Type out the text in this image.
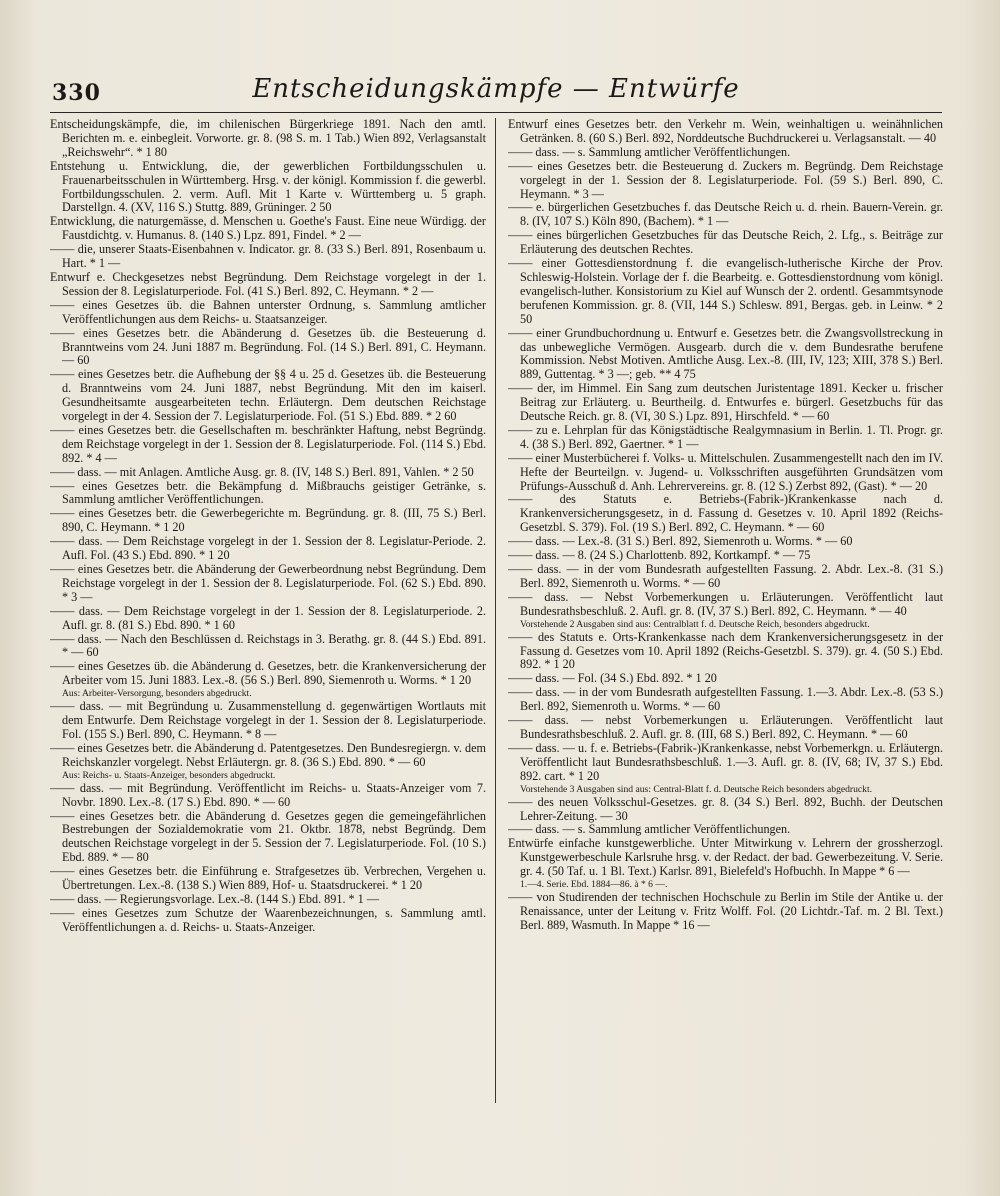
330	Entscheidungskämpfe — Entwürfe
Entscheidungskämpfe, die, im chilenischen Bürgerkriege 1891. Nach den amtl. Berichten m. e. einbegleit. Vorworte. gr. 8. (98 S. m. 1 Tab.) Wien 892, Verlagsanstalt „Reichswehr“. * 1 80
Entstehung u. Entwicklung, die, der gewerblichen Fortbildungsschulen u. Frauenarbeitsschulen in Württemberg. Hrsg. v. der königl. Kommission f. die gewerbl. Fortbildungsschulen. 2. verm. Aufl. Mit 1 Karte v. Württemberg u. 5 graph. Darstellgn. 4. (XV, 116 S.) Stuttg. 889, Grüninger. 2 50
Entwicklung, die naturgemässe, d. Menschen u. Goethe's Faust. Eine neue Würdigg. der Faustdichtg. v. Humanus. 8. (140 S.) Lpz. 891, Findel. * 2 —
—— die, unserer Staats-Eisenbahnen v. Indicator. gr. 8. (33 S.) Berl. 891, Rosenbaum u. Hart. * 1 —
Entwurf e. Checkgesetzes nebst Begründung. Dem Reichstage vorgelegt in der 1. Session der 8. Legislaturperiode. Fol. (41 S.) Berl. 892, C. Heymann. * 2 —
—— eines Gesetzes üb. die Bahnen unterster Ordnung, s. Sammlung amtlicher Veröffentlichungen aus dem Reichs- u. Staatsanzeiger.
—— eines Gesetzes betr. die Abänderung d. Gesetzes üb. die Besteuerung d. Branntweins vom 24. Juni 1887 m. Begründung. Fol. (14 S.) Berl. 891, C. Heymann. — 60
—— eines Gesetzes betr. die Aufhebung der §§ 4 u. 25 d. Gesetzes üb. die Besteuerung d. Branntweins vom 24. Juni 1887, nebst Begründung. Mit den im kaiserl. Gesundheitsamte ausgearbeiteten techn. Erläutergn. Dem deutschen Reichstage vorgelegt in der 4. Session der 7. Legislaturperiode. Fol. (51 S.) Ebd. 889. * 2 60
—— eines Gesetzes betr. die Gesellschaften m. beschränkter Haftung, nebst Begründg. dem Reichstage vorgelegt in der 1. Session der 8. Legislaturperiode. Fol. (114 S.) Ebd. 892. * 4 —
—— dass. — mit Anlagen. Amtliche Ausg. gr. 8. (IV, 148 S.) Berl. 891, Vahlen. * 2 50
—— eines Gesetzes betr. die Bekämpfung d. Mißbrauchs geistiger Getränke, s. Sammlung amtlicher Veröffentlichungen.
—— eines Gesetzes betr. die Gewerbegerichte m. Begründung. gr. 8. (III, 75 S.) Berl. 890, C. Heymann. * 1 20
—— dass. — Dem Reichstage vorgelegt in der 1. Session der 8. Legislatur-Periode. 2. Aufl. Fol. (43 S.) Ebd. 890. * 1 20
—— eines Gesetzes betr. die Abänderung der Gewerbeordnung nebst Begründung. Dem Reichstage vorgelegt in der 1. Session der 8. Legislaturperiode. Fol. (62 S.) Ebd. 890. * 3 —
—— dass. — Dem Reichstage vorgelegt in der 1. Session der 8. Legislaturperiode. 2. Aufl. gr. 8. (81 S.) Ebd. 890. * 1 60
—— dass. — Nach den Beschlüssen d. Reichstags in 3. Berathg. gr. 8. (44 S.) Ebd. 891. * — 60
—— eines Gesetzes üb. die Abänderung d. Gesetzes, betr. die Krankenversicherung der Arbeiter vom 15. Juni 1883. Lex.-8. (56 S.) Berl. 890, Siemenroth u. Worms. * 1 20
Aus: Arbeiter-Versorgung, besonders abgedruckt.
—— dass. — mit Begründung u. Zusammenstellung d. gegenwärtigen Wortlauts mit dem Entwurfe. Dem Reichstage vorgelegt in der 1. Session der 8. Legislaturperiode. Fol. (155 S.) Berl. 890, C. Heymann. * 8 —
—— eines Gesetzes betr. die Abänderung d. Patentgesetzes. Den Bundesregiergn. v. dem Reichskanzler vorgelegt. Nebst Erläutergn. gr. 8. (36 S.) Ebd. 890. * — 60
Aus: Reichs- u. Staats-Anzeiger, besonders abgedruckt.
—— dass. — mit Begründung. Veröffentlicht im Reichs- u. Staats-Anzeiger vom 7. Novbr. 1890. Lex.-8. (17 S.) Ebd. 890. * — 60
—— eines Gesetzes betr. die Abänderung d. Gesetzes gegen die gemeingefährlichen Bestrebungen der Sozialdemokratie vom 21. Oktbr. 1878, nebst Begründg. Dem deutschen Reichstage vorgelegt in der 5. Session der 7. Legislaturperiode. Fol. (10 S.) Ebd. 889. * — 80
—— eines Gesetzes betr. die Einführung e. Strafgesetzes üb. Verbrechen, Vergehen u. Übertretungen. Lex.-8. (138 S.) Wien 889, Hof- u. Staatsdruckerei. * 1 20
—— dass. — Regierungsvorlage. Lex.-8. (144 S.) Ebd. 891. * 1 —
—— eines Gesetzes zum Schutze der Waarenbezeichnungen, s. Sammlung amtl. Veröffentlichungen a. d. Reichs- u. Staats-Anzeiger.
Entwurf eines Gesetzes betr. den Verkehr m. Wein, weinhaltigen u. weinähnlichen Getränken. 8. (60 S.) Berl. 892, Norddeutsche Buchdruckerei u. Verlagsanstalt. — 40
—— dass. — s. Sammlung amtlicher Veröffentlichungen.
—— eines Gesetzes betr. die Besteuerung d. Zuckers m. Begründg. Dem Reichstage vorgelegt in der 1. Session der 8. Legislaturperiode. Fol. (59 S.) Berl. 890, C. Heymann. * 3 —
—— e. bürgerlichen Gesetzbuches f. das Deutsche Reich u. d. rhein. Bauern-Verein. gr. 8. (IV, 107 S.) Köln 890, (Bachem). * 1 —
—— eines bürgerlichen Gesetzbuches für das Deutsche Reich, 2. Lfg., s. Beiträge zur Erläuterung des deutschen Rechtes.
—— einer Gottesdienstordnung f. die evangelisch-lutherische Kirche der Prov. Schleswig-Holstein. Vorlage der f. die Bearbeitg. e. Gottesdienstordnung vom königl. evangelisch-luther. Konsistorium zu Kiel auf Wunsch der 2. ordentl. Gesammtsynode berufenen Kommission. gr. 8. (VII, 144 S.) Schlesw. 891, Bergas. geb. in Leinw. * 2 50
—— einer Grundbuchordnung u. Entwurf e. Gesetzes betr. die Zwangsvollstreckung in das unbewegliche Vermögen. Ausgearb. durch die v. dem Bundesrathe berufene Kommission. Nebst Motiven. Amtliche Ausg. Lex.-8. (III, IV, 123; XIII, 378 S.) Berl. 889, Guttentag. * 3 —; geb. ** 4 75
—— der, im Himmel. Ein Sang zum deutschen Juristentage 1891. Kecker u. frischer Beitrag zur Erläuterg. u. Beurtheilg. d. Entwurfes e. bürgerl. Gesetzbuchs für das Deutsche Reich. gr. 8. (VI, 30 S.) Lpz. 891, Hirschfeld. * — 60
—— zu e. Lehrplan für das Königstädtische Realgymnasium in Berlin. 1. Tl. Progr. gr. 4. (38 S.) Berl. 892, Gaertner. * 1 —
—— einer Musterbücherei f. Volks- u. Mittelschulen. Zusammengestellt nach den im IV. Hefte der Beurteilgn. v. Jugend- u. Volksschriften ausgeführten Grundsätzen vom Prüfungs-Ausschuß d. Anh. Lehrervereins. gr. 8. (12 S.) Zerbst 892, (Gast). * — 20
—— des Statuts e. Betriebs-(Fabrik-)Krankenkasse nach d. Krankenversicherungsgesetz, in d. Fassung d. Gesetzes v. 10. April 1892 (Reichs-Gesetzbl. S. 379). Fol. (19 S.) Berl. 892, C. Heymann. * — 60
—— dass. — Lex.-8. (31 S.) Berl. 892, Siemenroth u. Worms. * — 60
—— dass. — 8. (24 S.) Charlottenb. 892, Kortkampf. * — 75
—— dass. — in der vom Bundesrath aufgestellten Fassung. 2. Abdr. Lex.-8. (31 S.) Berl. 892, Siemenroth u. Worms. * — 60
—— dass. — Nebst Vorbemerkungen u. Erläuterungen. Veröffentlicht laut Bundesrathsbeschluß. 2. Aufl. gr. 8. (IV, 37 S.) Berl. 892, C. Heymann. * — 40
Vorstehende 2 Ausgaben sind aus: Centralblatt f. d. Deutsche Reich, besonders abgedruckt.
—— des Statuts e. Orts-Krankenkasse nach dem Krankenversicherungsgesetz in der Fassung d. Gesetzes vom 10. April 1892 (Reichs-Gesetzbl. S. 379). gr. 4. (50 S.) Ebd. 892. * 1 20
—— dass. — Fol. (34 S.) Ebd. 892. * 1 20
—— dass. — in der vom Bundesrath aufgestellten Fassung. 1.—3. Abdr. Lex.-8. (53 S.) Berl. 892, Siemenroth u. Worms. * — 60
—— dass. — nebst Vorbemerkungen u. Erläuterungen. Veröffentlicht laut Bundesrathsbeschluß. 2. Aufl. gr. 8. (III, 68 S.) Berl. 892, C. Heymann. * — 60
—— dass. — u. f. e. Betriebs-(Fabrik-)Krankenkasse, nebst Vorbemerkgn. u. Erläutergn. Veröffentlicht laut Bundesrathsbeschluß. 1.—3. Aufl. gr. 8. (IV, 68; IV, 37 S.) Ebd. 892. cart. * 1 20
Vorstehende 3 Ausgaben sind aus: Central-Blatt f. d. Deutsche Reich besonders abgedruckt.
—— des neuen Volksschul-Gesetzes. gr. 8. (34 S.) Berl. 892, Buchh. der Deutschen Lehrer-Zeitung. — 30
—— dass. — s. Sammlung amtlicher Veröffentlichungen.
Entwürfe einfache kunstgewerbliche. Unter Mitwirkung v. Lehrern der grossherzogl. Kunstgewerbeschule Karlsruhe hrsg. v. der Redact. der bad. Gewerbezeitung. V. Serie. gr. 4. (50 Taf. u. 1 Bl. Text.) Karlsr. 891, Bielefeld's Hofbuchh. In Mappe * 6 —
1.—4. Serie. Ebd. 1884—86. à * 6 —.
—— von Studirenden der technischen Hochschule zu Berlin im Stile der Antike u. der Renaissance, unter der Leitung v. Fritz Wolff. Fol. (20 Lichtdr.-Taf. m. 2 Bl. Text.) Berl. 889, Wasmuth. In Mappe * 16 —
